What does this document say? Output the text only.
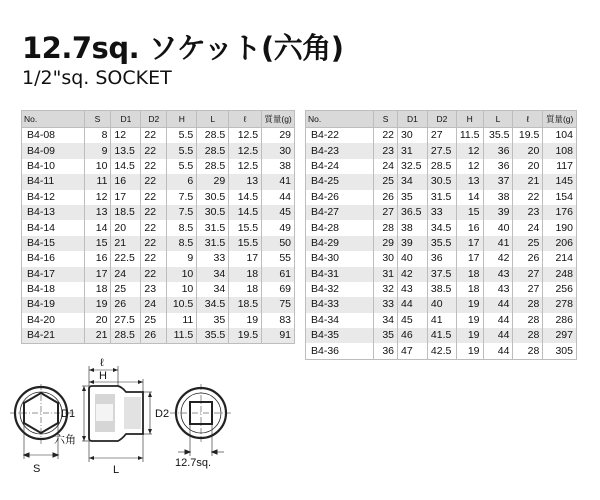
12.7sq. ソケット(六角)
1/2"sq. SOCKET
No.	S	D1	D2	H	L	ℓ	質量(g)
B4-08	8	12	22	5.5	28.5	12.5	29
B4-09	9	13.5	22	5.5	28.5	12.5	30
B4-10	10	14.5	22	5.5	28.5	12.5	38
B4-11	11	16	22	6	29	13	41
B4-12	12	17	22	7.5	30.5	14.5	44
B4-13	13	18.5	22	7.5	30.5	14.5	45
B4-14	14	20	22	8.5	31.5	15.5	49
B4-15	15	21	22	8.5	31.5	15.5	50
B4-16	16	22.5	22	9	33	17	55
B4-17	17	24	22	10	34	18	61
B4-18	18	25	23	10	34	18	69
B4-19	19	26	24	10.5	34.5	18.5	75
B4-20	20	27.5	25	11	35	19	83
B4-21	21	28.5	26	11.5	35.5	19.5	91
No.	S	D1	D2	H	L	ℓ	質量(g)
B4-22	22	30	27	11.5	35.5	19.5	104
B4-23	23	31	27.5	12	36	20	108
B4-24	24	32.5	28.5	12	36	20	117
B4-25	25	34	30.5	13	37	21	145
B4-26	26	35	31.5	14	38	22	154
B4-27	27	36.5	33	15	39	23	176
B4-28	28	38	34.5	16	40	24	190
B4-29	29	39	35.5	17	41	25	206
B4-30	30	40	36	17	42	26	214
B4-31	31	42	37.5	18	43	27	248
B4-32	32	43	38.5	18	43	27	256
B4-33	33	44	40	19	44	28	278
B4-34	34	45	41	19	44	28	286
B4-35	35	46	41.5	19	44	28	297
B4-36	36	47	42.5	19	44	28	305
S
六角
ℓ
H
L
D1	D2
12.7sq.
